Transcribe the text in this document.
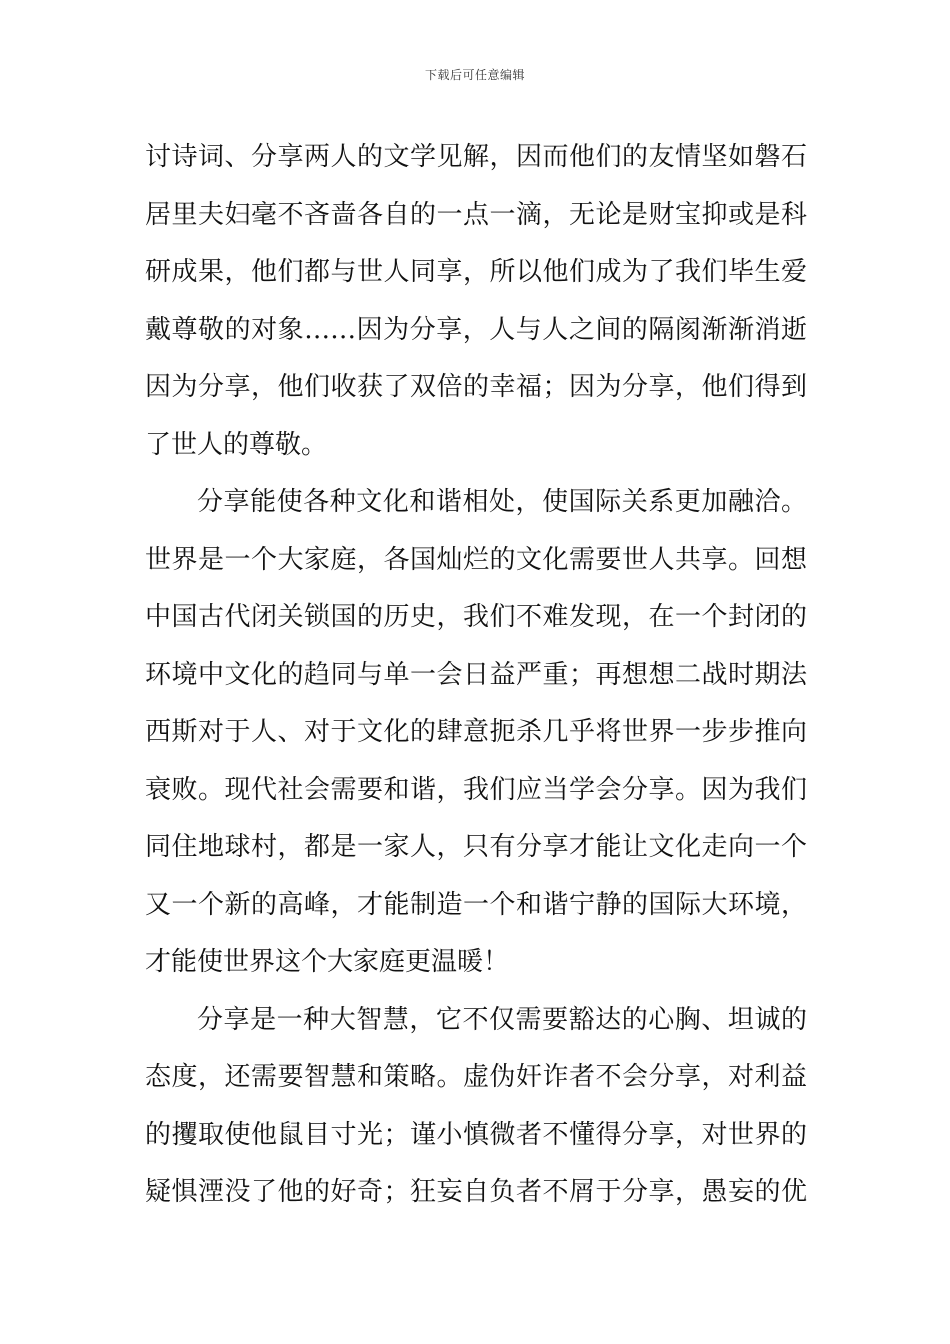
下载后可任意编辑
讨诗词、分享两人的文学见解，因而他们的友情坚如磐石
居里夫妇毫不吝啬各自的一点一滴，无论是财宝抑或是科
研成果，他们都与世人同享，所以他们成为了我们毕生爱
戴尊敬的对象……因为分享，人与人之间的隔阂渐渐消逝
因为分享，他们收获了双倍的幸福；因为分享，他们得到
了世人的尊敬。
分享能使各种文化和谐相处，使国际关系更加融洽。
世界是一个大家庭，各国灿烂的文化需要世人共享。回想
中国古代闭关锁国的历史，我们不难发现，在一个封闭的
环境中文化的趋同与单一会日益严重；再想想二战时期法
西斯对于人、对于文化的肆意扼杀几乎将世界一步步推向
衰败。现代社会需要和谐，我们应当学会分享。因为我们
同住地球村，都是一家人，只有分享才能让文化走向一个
又一个新的高峰，才能制造一个和谐宁静的国际大环境，
才能使世界这个大家庭更温暖！
分享是一种大智慧，它不仅需要豁达的心胸、坦诚的
态度，还需要智慧和策略。虚伪奸诈者不会分享，对利益
的攫取使他鼠目寸光；谨小慎微者不懂得分享，对世界的
疑惧湮没了他的好奇；狂妄自负者不屑于分享，愚妄的优
